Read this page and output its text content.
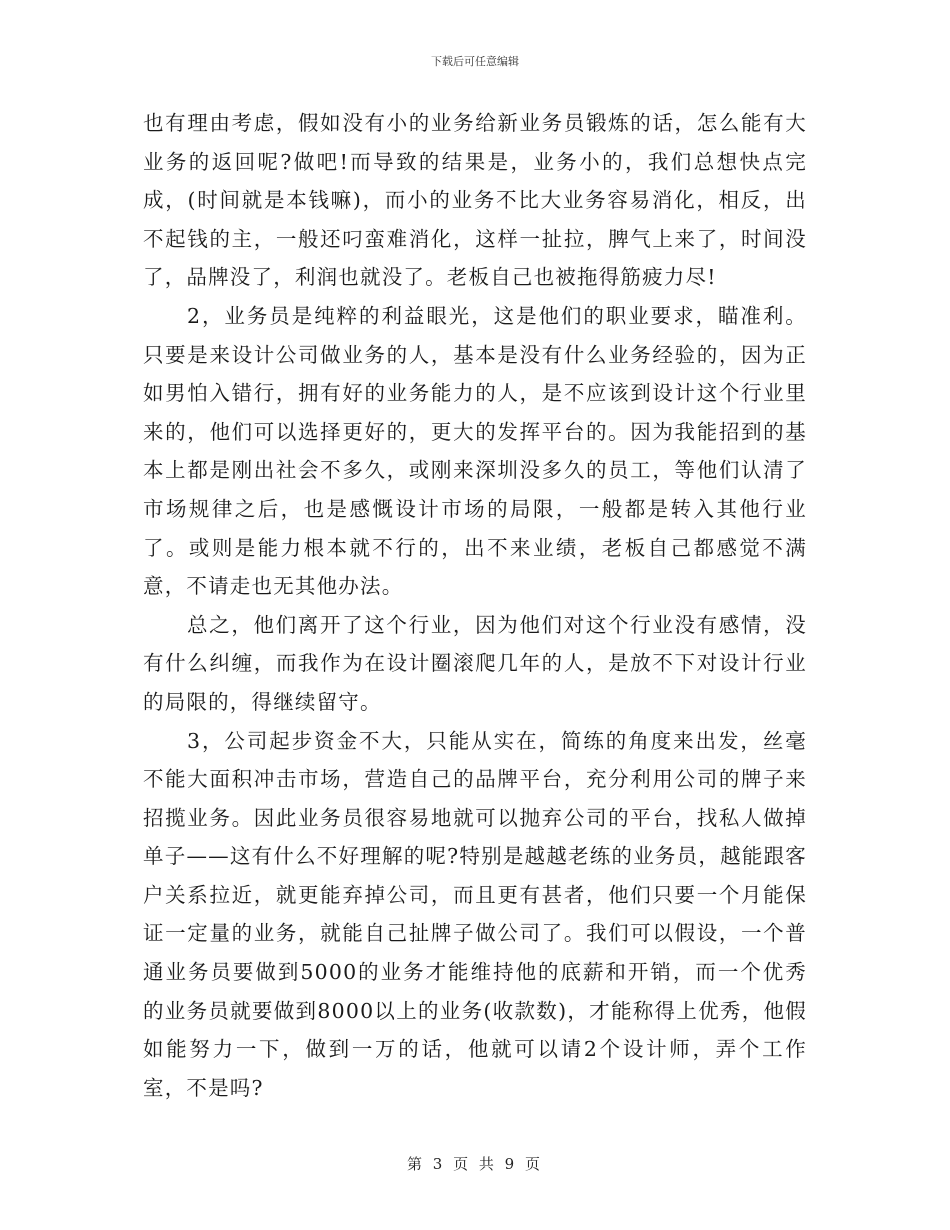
下载后可任意编辑

也有理由考虑，假如没有小的业务给新业务员锻炼的话，怎么能有大业务的返回呢?做吧!而导致的结果是，业务小的，我们总想快点完成，(时间就是本钱嘛)，而小的业务不比大业务容易消化，相反，出不起钱的主，一般还叼蛮难消化，这样一扯拉，脾气上来了，时间没了，品牌没了，利润也就没了。老板自己也被拖得筋疲力尽!

2，业务员是纯粹的利益眼光，这是他们的职业要求，瞄准利。只要是来设计公司做业务的人，基本是没有什么业务经验的，因为正如男怕入错行，拥有好的业务能力的人，是不应该到设计这个行业里来的，他们可以选择更好的，更大的发挥平台的。因为我能招到的基本上都是刚出社会不多久，或刚来深圳没多久的员工，等他们认清了市场规律之后，也是感慨设计市场的局限，一般都是转入其他行业了。或则是能力根本就不行的，出不来业绩，老板自己都感觉不满意，不请走也无其他办法。

总之，他们离开了这个行业，因为他们对这个行业没有感情，没有什么纠缠，而我作为在设计圈滚爬几年的人，是放不下对设计行业的局限的，得继续留守。

3，公司起步资金不大，只能从实在，简练的角度来出发，丝毫不能大面积冲击市场，营造自己的品牌平台，充分利用公司的牌子来招揽业务。因此业务员很容易地就可以抛弃公司的平台，找私人做掉单子——这有什么不好理解的呢?特别是越越老练的业务员，越能跟客户关系拉近，就更能弃掉公司，而且更有甚者，他们只要一个月能保证一定量的业务，就能自己扯牌子做公司了。我们可以假设，一个普通业务员要做到5000的业务才能维持他的底薪和开销，而一个优秀的业务员就要做到8000以上的业务(收款数)，才能称得上优秀，他假如能努力一下，做到一万的话，他就可以请2个设计师，弄个工作室，不是吗?

第 3 页 共 9 页
